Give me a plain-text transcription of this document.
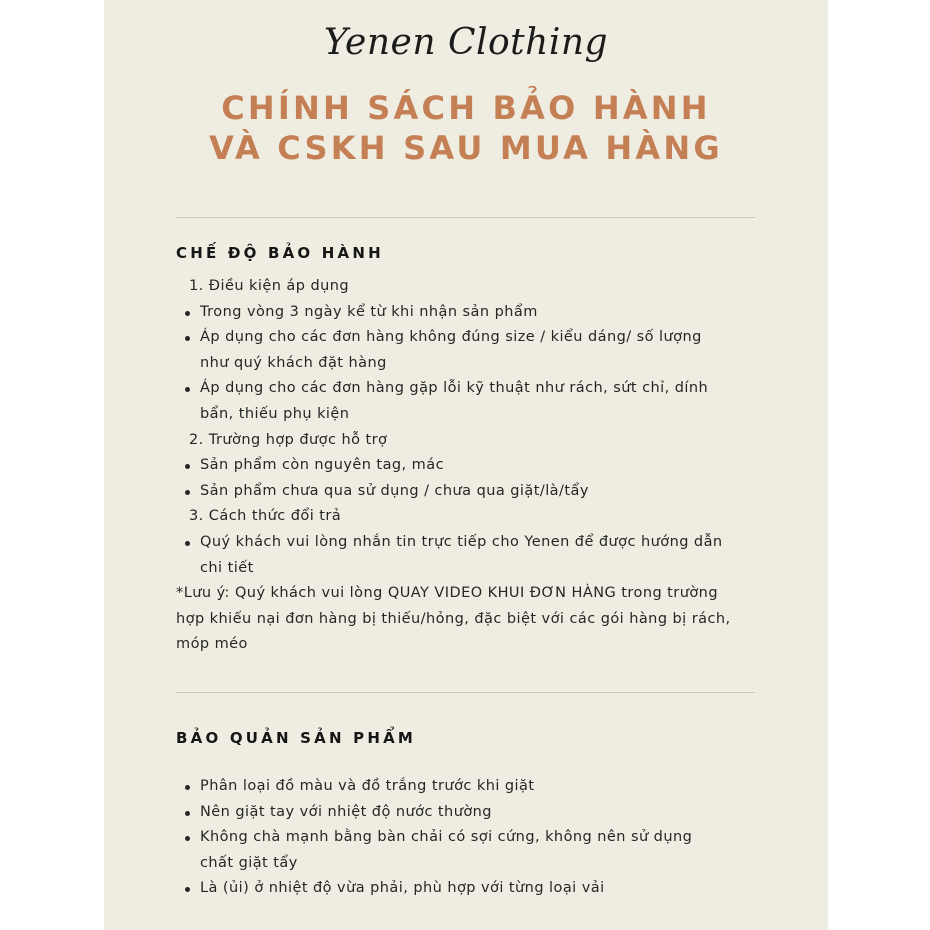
Yenen Clothing
CHÍNH SÁCH BẢO HÀNH
VÀ CSKH SAU MUA HÀNG
CHẾ ĐỘ BẢO HÀNH
1. Điều kiện áp dụng
Trong vòng 3 ngày kể từ khi nhận sản phẩm
Áp dụng cho các đơn hàng không đúng size / kiểu dáng/ số lượng
như quý khách đặt hàng
Áp dụng cho các đơn hàng gặp lỗi kỹ thuật như rách, sứt chỉ, dính
bẩn, thiếu phụ kiện
2. Trường hợp được hỗ trợ
Sản phẩm còn nguyên tag, mác
Sản phẩm chưa qua sử dụng / chưa qua giặt/là/tẩy
3. Cách thức đổi trả
Quý khách vui lòng nhắn tin trực tiếp cho Yenen để được hướng dẫn
chi tiết
*Lưu ý: Quý khách vui lòng QUAY VIDEO KHUI ĐƠN HÀNG trong trường
hợp khiếu nại đơn hàng bị thiếu/hỏng, đặc biệt với các gói hàng bị rách,
móp méo
BẢO QUẢN SẢN PHẨM
Phân loại đồ màu và đồ trắng trước khi giặt
Nên giặt tay với nhiệt độ nước thường
Không chà mạnh bằng bàn chải có sợi cứng, không nên sử dụng
chất giặt tẩy
Là (ủi) ở nhiệt độ vừa phải, phù hợp với từng loại vải
